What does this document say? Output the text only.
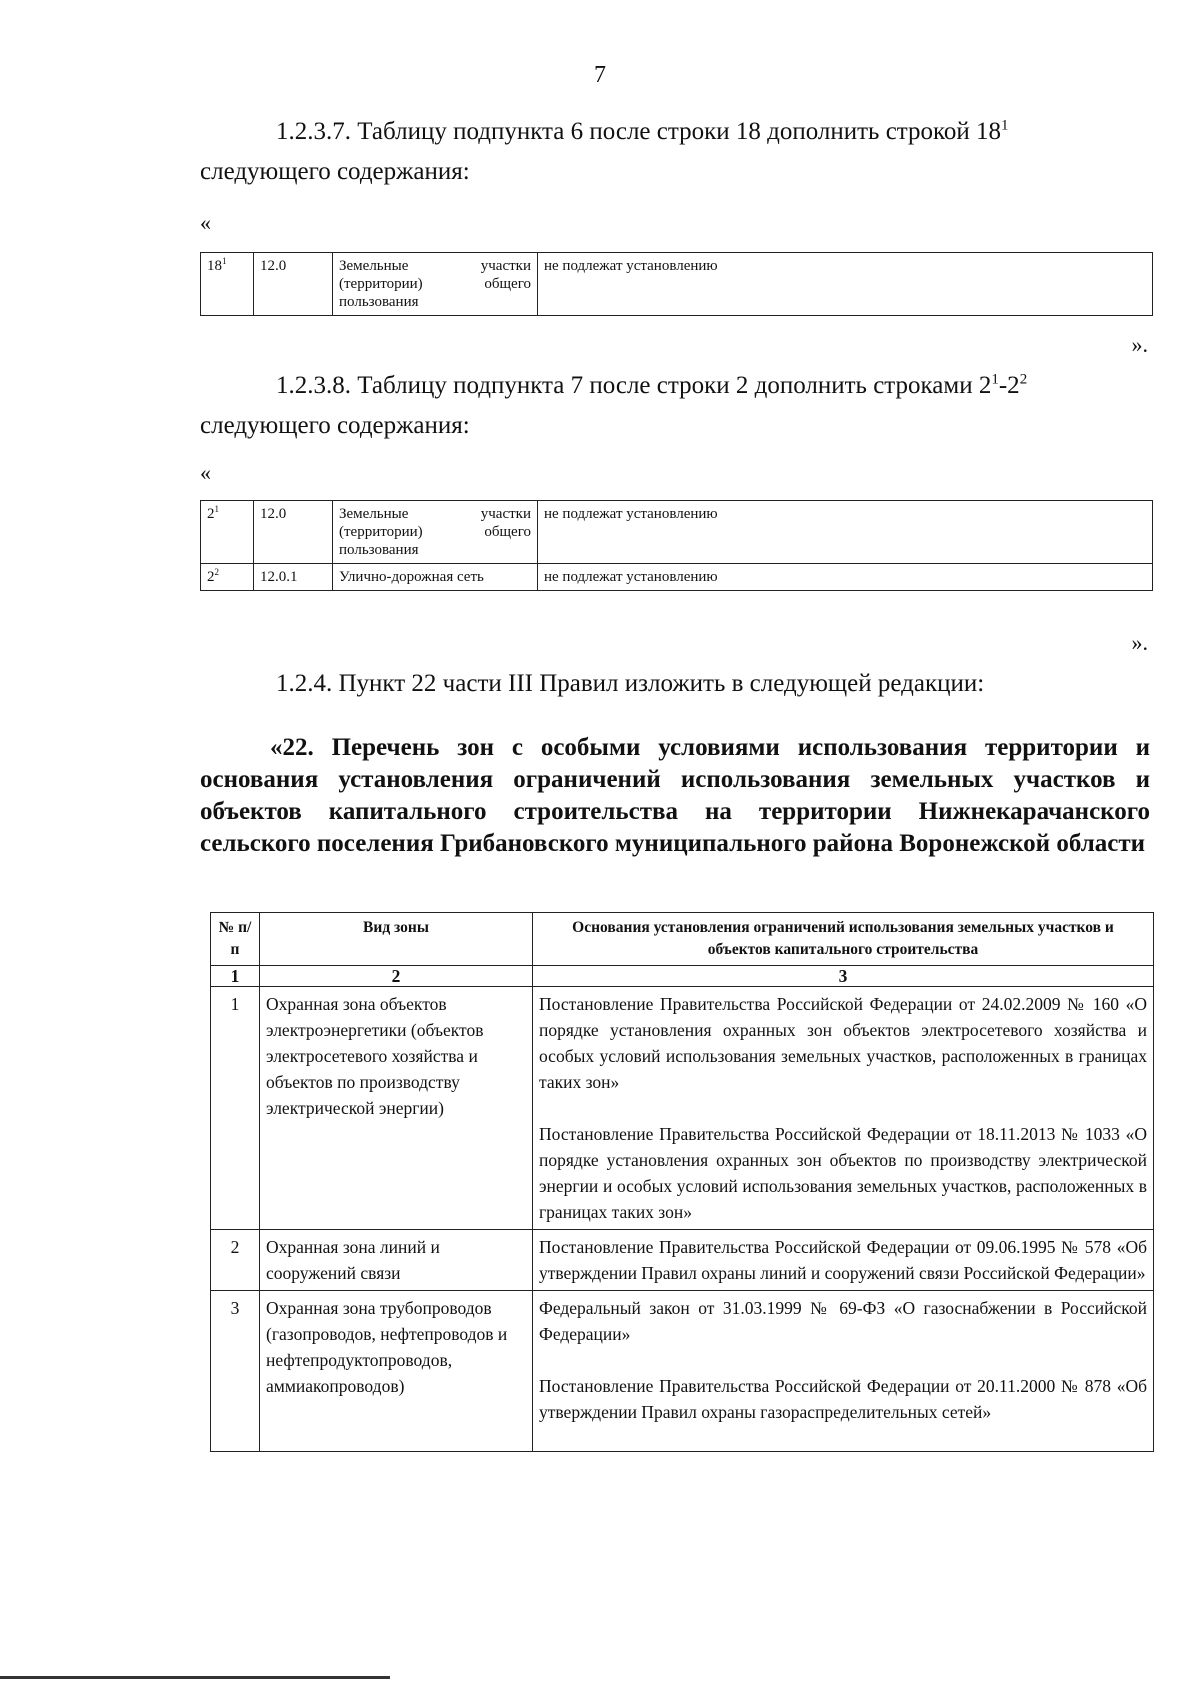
7
1.2.3.7. Таблицу подпункта 6 после строки 18 дополнить строкой $18^1$
следующего содержания:
«
$18^1$	12.0	Земельные участки (территории) общего пользования	не подлежат установлению
».
1.2.3.8. Таблицу подпункта 7 после строки 2 дополнить строками $2^1-2^2$
следующего содержания:
«
$2^1$	12.0	Земельные участки (территории) общего пользования	не подлежат установлению
$2^2$	12.0.1	Улично-дорожная сеть	не подлежат установлению
».
1.2.4. Пункт 22 части III Правил изложить в следующей редакции:
«22. Перечень зон с особыми условиями использования территории и основания установления ограничений использования земельных участков и объектов капитального строительства на территории Нижнекарачанского сельского поселения Грибановского муниципального района Воронежской области
№ п/п	Вид зоны	Основания установления ограничений использования земельных участков и объектов капитального строительства
1	2	3
1	Охранная зона объектов электроэнергетики (объектов электросетевого хозяйства и объектов по производству электрической энергии)	Постановление Правительства Российской Федерации от 24.02.2009 № 160 «О порядке установления охранных зон объектов электросетевого хозяйства и особых условий использования земельных участков, расположенных в границах таких зон»

Постановление Правительства Российской Федерации от 18.11.2013 № 1033 «О порядке установления охранных зон объектов по производству электрической энергии и особых условий использования земельных участков, расположенных в границах таких зон»

2	Охранная зона линий и сооружений связи	Постановление Правительства Российской Федерации от 09.06.1995 № 578 «Об утверждении Правил охраны линий и сооружений связи Российской Федерации»

3	Охранная зона трубопроводов (газопроводов, нефтепроводов и нефтепродуктопроводов, аммиакопроводов)	Федеральный закон от 31.03.1999 № 69-ФЗ «О газоснабжении в Российской Федерации»

Постановление Правительства Российской Федерации от 20.11.2000 № 878 «Об утверждении Правил охраны газораспределительных сетей»
